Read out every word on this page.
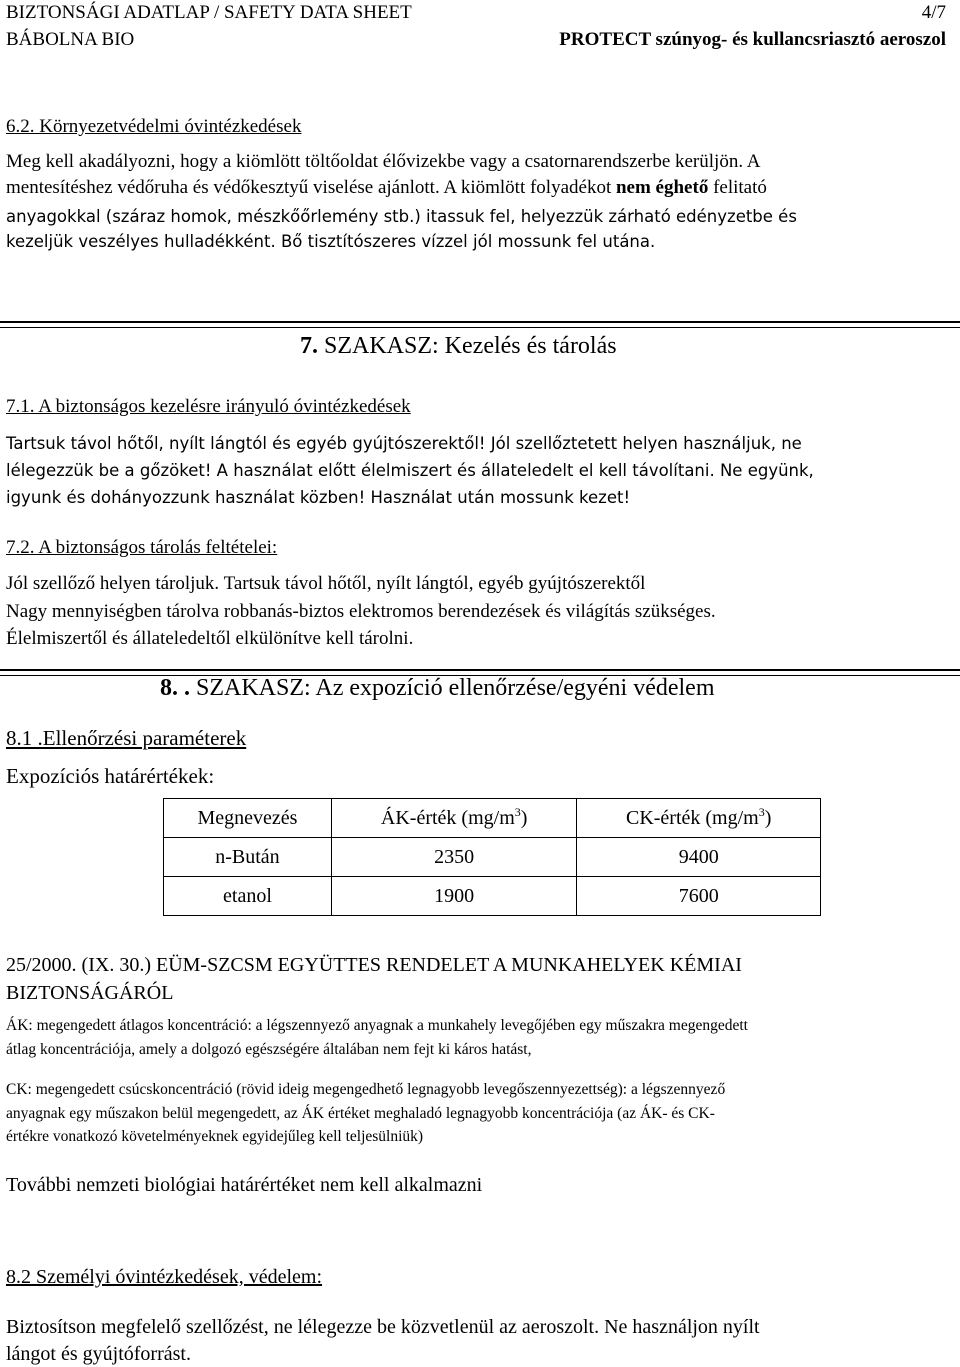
BIZTONSÁGI ADATLAP / SAFETY DATA SHEET	4/7
BÁBOLNA BIO	PROTECT szúnyog- és kullancsriasztó aeroszol
6.2. Környezetvédelmi óvintézkedések
Meg kell akadályozni, hogy a kiömlött töltőoldat élővizekbe vagy a csatornarendszerbe kerüljön. A
mentesítéshez védőruha és védőkesztyű viselése ajánlott. A kiömlött folyadékot nem éghető felitató
anyagokkal (száraz homok, mészkőőrlemény stb.) itassuk fel, helyezzük zárható edényzetbe és
kezeljük veszélyes hulladékként. Bő tisztítószeres vízzel jól mossunk fel utána.
7. SZAKASZ: Kezelés és tárolás
7.1. A biztonságos kezelésre irányuló óvintézkedések
Tartsuk távol hőtől, nyílt lángtól és egyéb gyújtószerektől! Jól szellőztetett helyen használjuk, ne
lélegezzük be a gőzöket! A használat előtt élelmiszert és állateledelt el kell távolítani. Ne együnk,
igyunk és dohányozzunk használat közben! Használat után mossunk kezet!
7.2. A biztonságos tárolás feltételei:
Jól szellőző helyen tároljuk. Tartsuk távol hőtől, nyílt lángtól, egyéb gyújtószerektől
Nagy mennyiségben tárolva robbanás-biztos elektromos berendezések és világítás szükséges.
Élelmiszertől és állateledeltől elkülönítve kell tárolni.
8. . SZAKASZ: Az expozíció ellenőrzése/egyéni védelem
8.1 .Ellenőrzési paraméterek
Expozíciós határértékek:
Megnevezés	ÁK-érték $(mg/m^3)$	CK-érték $(mg/m^3)$
n-Bután	2350	9400
etanol	1900	7600
25/2000. (IX. 30.) EÜM-SZCSM EGYÜTTES RENDELET A MUNKAHELYEK KÉMIAI
BIZTONSÁGÁRÓL
ÁK: megengedett átlagos koncentráció: a légszennyező anyagnak a munkahely levegőjében egy műszakra megengedett
átlag koncentrációja, amely a dolgozó egészségére általában nem fejt ki káros hatást,
CK: megengedett csúcskoncentráció (rövid ideig megengedhető legnagyobb levegőszennyezettség): a légszennyező
anyagnak egy műszakon belül megengedett, az ÁK értéket meghaladó legnagyobb koncentrációja (az ÁK- és CK-
értékre vonatkozó követelményeknek egyidejűleg kell teljesülniük)
További nemzeti biológiai határértéket nem kell alkalmazni
8.2 Személyi óvintézkedések, védelem:
Biztosítson megfelelő szellőzést, ne lélegezze be közvetlenül az aeroszolt. Ne használjon nyílt
lángot és gyújtóforrást.
